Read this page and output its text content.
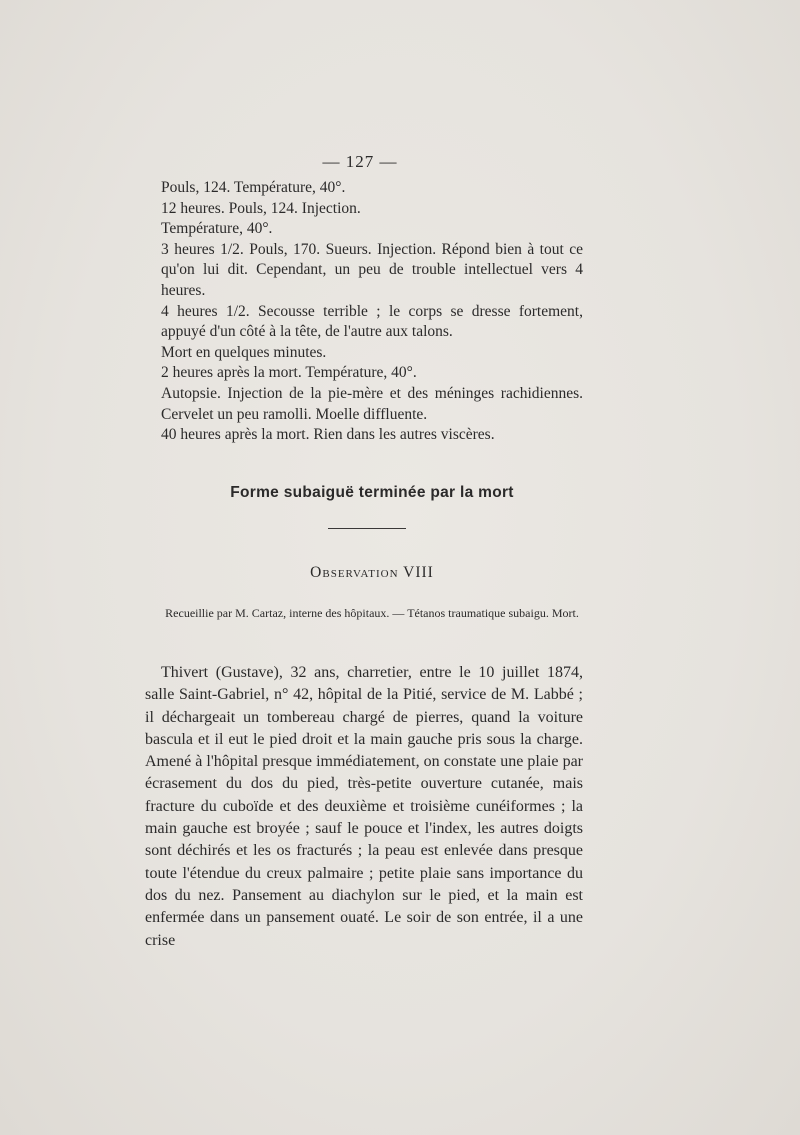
— 127 —

Pouls, 124. Température, 40°.

12 heures. Pouls, 124. Injection.

Température, 40°.

3 heures 1/2. Pouls, 170. Sueurs. Injection. Répond bien à tout ce qu'on lui dit. Cependant, un peu de trouble intellectuel vers 4 heures.

4 heures 1/2. Secousse terrible ; le corps se dresse fortement, appuyé d'un côté à la tête, de l'autre aux talons.

Mort en quelques minutes.

2 heures après la mort. Température, 40°.

Autopsie. Injection de la pie-mère et des méninges rachidiennes. Cervelet un peu ramolli. Moelle diffluente.

40 heures après la mort. Rien dans les autres viscères.

Forme subaiguë terminée par la mort
Observation VIII
Recueillie par M. Cartaz, interne des hôpitaux. — Tétanos traumatique subaigu. Mort.

Thivert (Gustave), 32 ans, charretier, entre le 10 juillet 1874, salle Saint-Gabriel, n° 42, hôpital de la Pitié, service de M. Labbé ; il déchargeait un tombereau chargé de pierres, quand la voiture bascula et il eut le pied droit et la main gauche pris sous la charge. Amené à l'hôpital presque immédiatement, on constate une plaie par écrasement du dos du pied, très-petite ouverture cutanée, mais fracture du cuboïde et des deuxième et troisième cunéiformes ; la main gauche est broyée ; sauf le pouce et l'index, les autres doigts sont déchirés et les os fracturés ; la peau est enlevée dans presque toute l'étendue du creux palmaire ; petite plaie sans importance du dos du nez. Pansement au diachylon sur le pied, et la main est enfermée dans un pansement ouaté. Le soir de son entrée, il a une crise
